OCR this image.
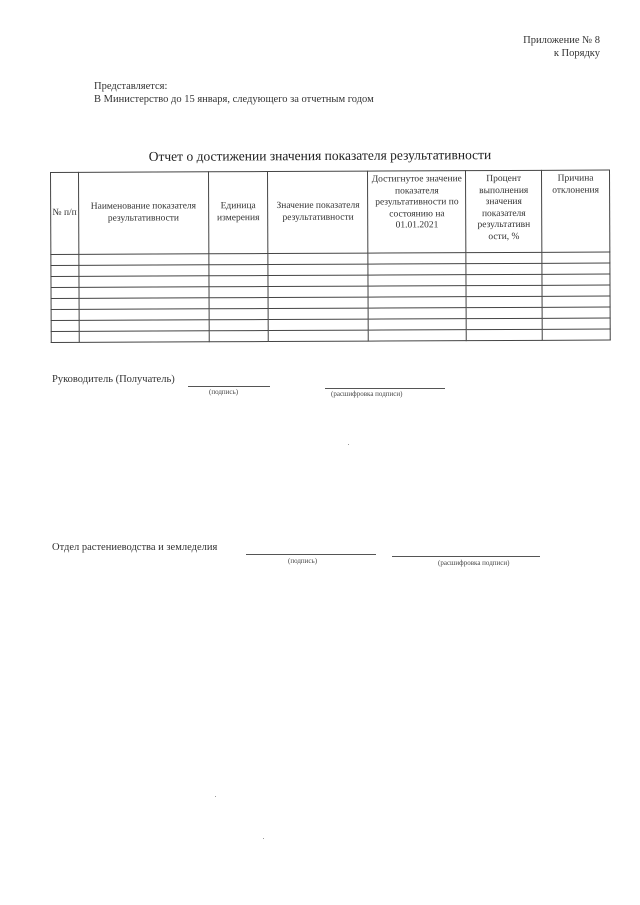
Приложение № 8
к Порядку
Представляется:
В Министерство до 15 января, следующего за отчетным годом
Отчет о достижении значения показателя результативности
№ п/п	Наименование показателя результативности	Единица измерения	Значение показателя результативности	Достигнутое значение показателя результативности по состоянию на 01.01.2021	Процент выполнения значения показателя результативн ости, %	Причина отклонения

Руководитель (Получатель)
(подпись)	(расшифровка подписи)
Отдел растениеводства и земледелия
(подпись)	(расшифровка подписи)
